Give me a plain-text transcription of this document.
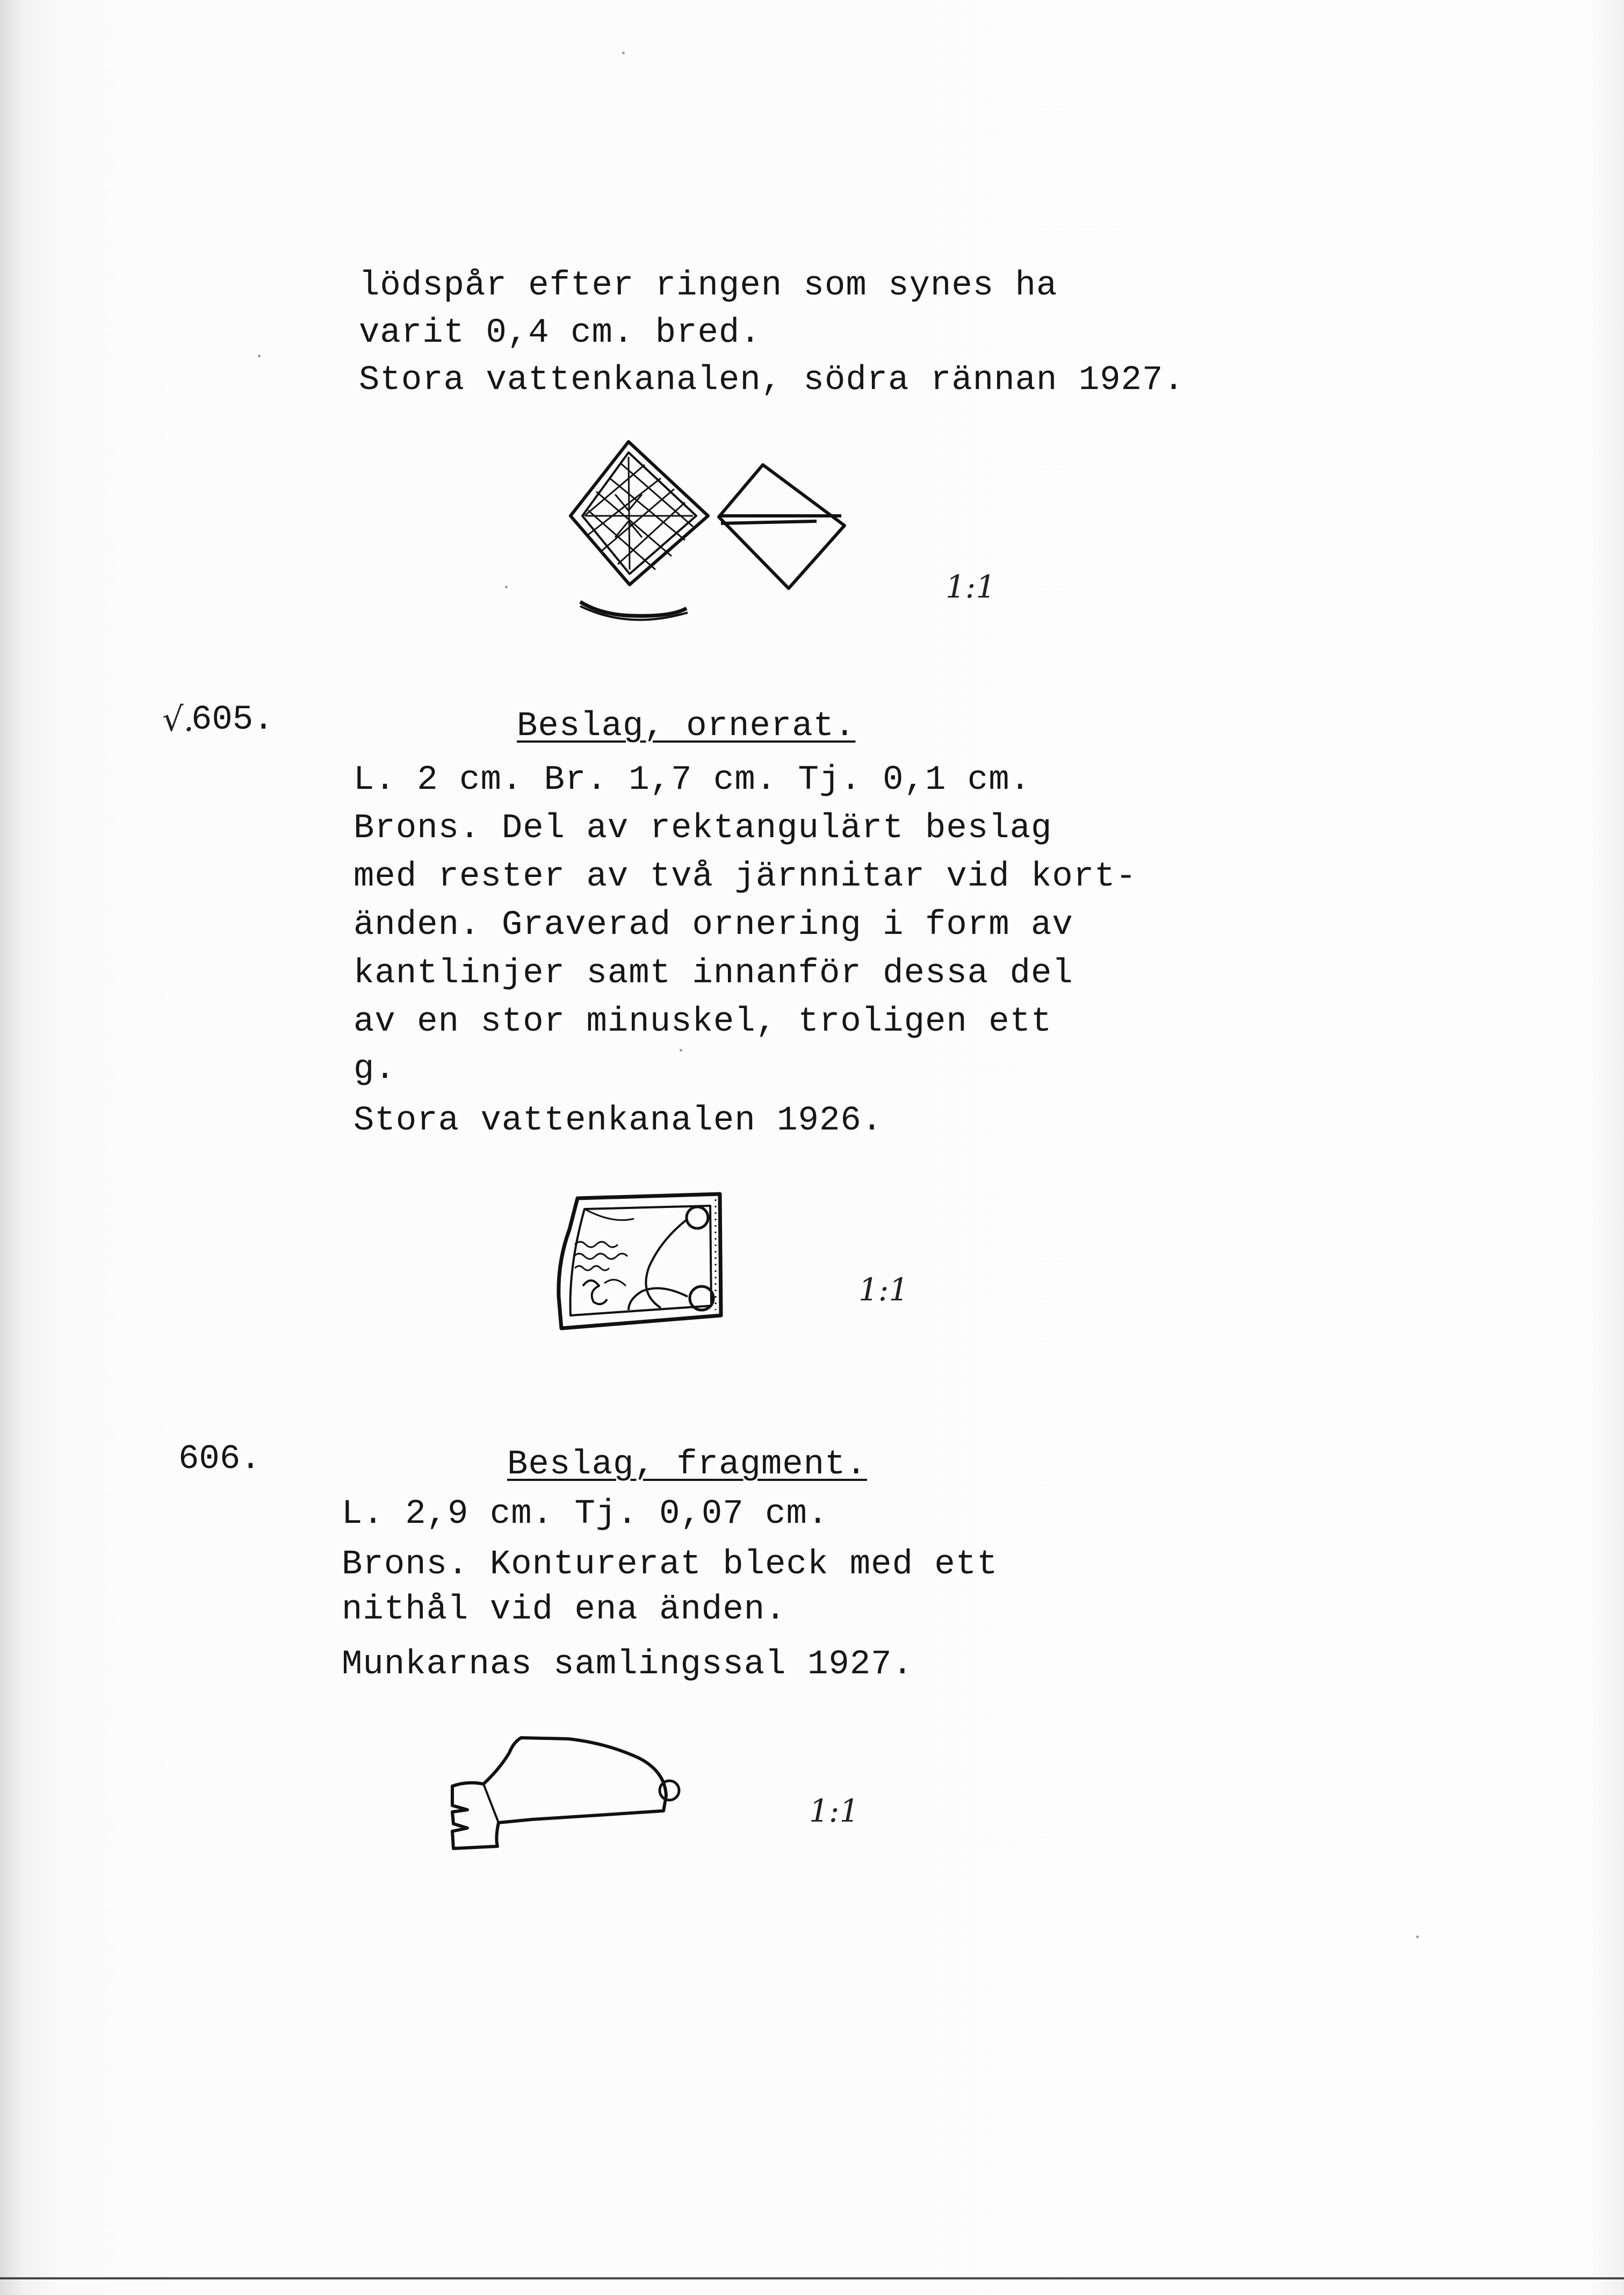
lödspår efter ringen som synes ha
varit 0,4 cm. bred.
Stora vattenkanalen, södra rännan 1927.
1:1
√.
605.	Beslag, ornerat.
L. 2 cm. Br. 1,7 cm. Tj. 0,1 cm.
Brons. Del av rektangulärt beslag
med rester av två järnnitar vid kort-
änden. Graverad ornering i form av
kantlinjer samt innanför dessa del
av en stor minuskel, troligen ett
g.
Stora vattenkanalen 1926.
1:1
606.	Beslag, fragment.
L. 2,9 cm. Tj. 0,07 cm.
Brons. Konturerat bleck med ett
nithål vid ena änden.
Munkarnas samlingssal 1927.
1:1
